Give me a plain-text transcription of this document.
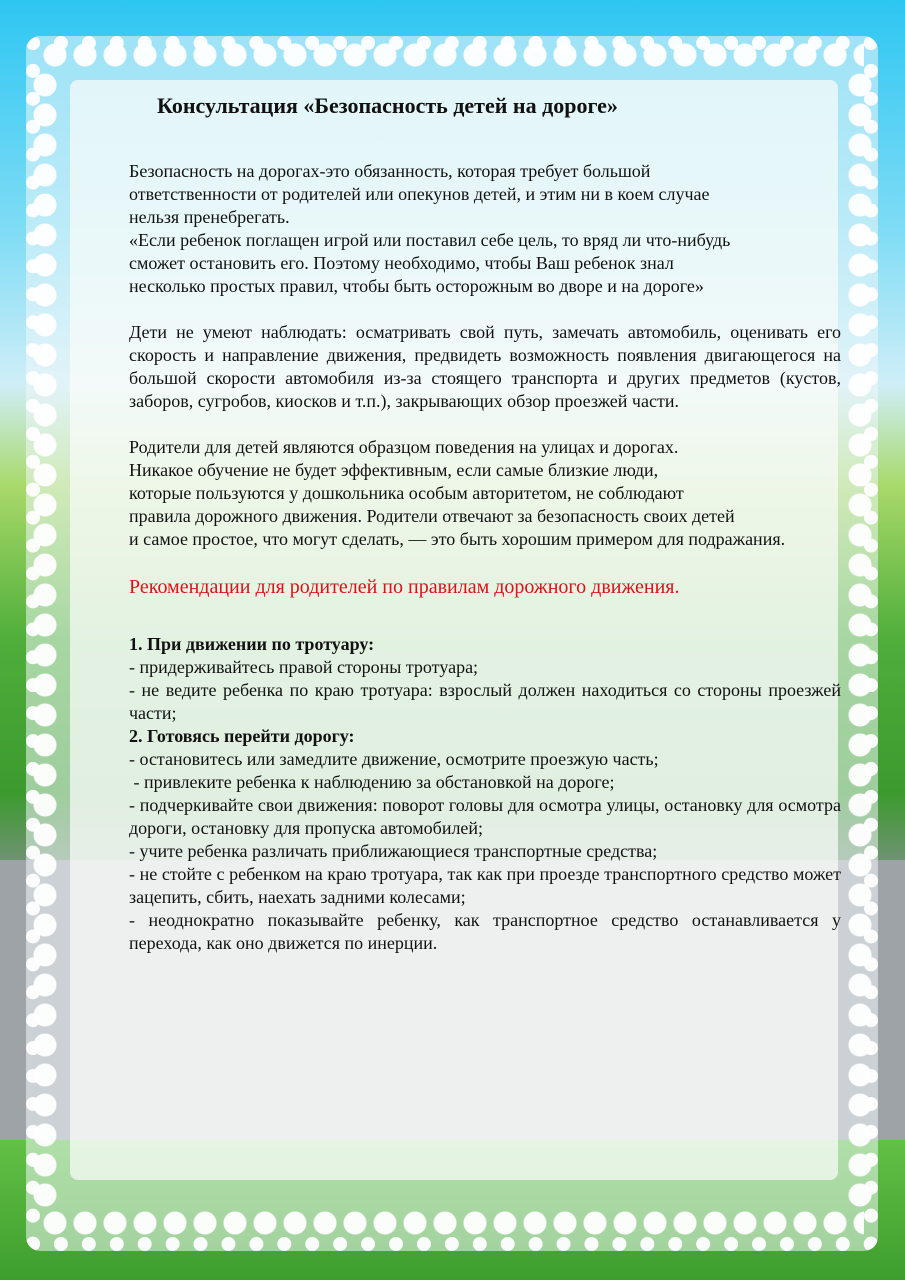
Консультация «Безопасность детей на дороге»

Безопасность на дорогах-это обязанность, которая требует большой

ответственности от родителей или опекунов детей, и этим ни в коем случае

нельзя пренебрегать.

«Если ребенок поглащен игрой или поставил себе цель, то вряд ли что-нибудь

сможет остановить его. Поэтому необходимо, чтобы Ваш ребенок знал

несколько простых правил, чтобы быть осторожным во дворе и на дороге»

Дети не умеют наблюдать: осматривать свой путь, замечать автомобиль, оценивать его скорость и направление движения, предвидеть возможность появления двигающегося на большой скорости автомобиля из-за стоящего транспорта и других предметов (кустов, заборов, сугробов, киосков и т.п.), закрывающих обзор проезжей части.

Родители для детей являются образцом поведения на улицах и дорогах.

Никакое обучение не будет эффективным, если самые близкие люди,

которые пользуются у дошкольника особым авторитетом, не соблюдают

правила дорожного движения. Родители отвечают за безопасность своих детей

и самое простое, что могут сделать, — это быть хорошим примером для подражания.

Рекомендации для родителей по правилам дорожного движения.

1. При движении по тротуару:

- придерживайтесь правой стороны тротуара;

- не ведите ребенка по краю тротуара: взрослый должен находиться со стороны проезжей части;

2. Готовясь перейти дорогу:

- остановитесь или замедлите движение, осмотрите проезжую часть;

- привлеките ребенка к наблюдению за обстановкой на дороге;

- подчеркивайте свои движения: поворот головы для осмотра улицы, остановку для осмотра дороги, остановку для пропуска автомобилей;

- учите ребенка различать приближающиеся транспортные средства;

- не стойте с ребенком на краю тротуара, так как при проезде транспортного средство может зацепить, сбить, наехать задними колесами;

- неоднократно показывайте ребенку, как транспортное средство останавливается у перехода, как оно движется по инерции.
